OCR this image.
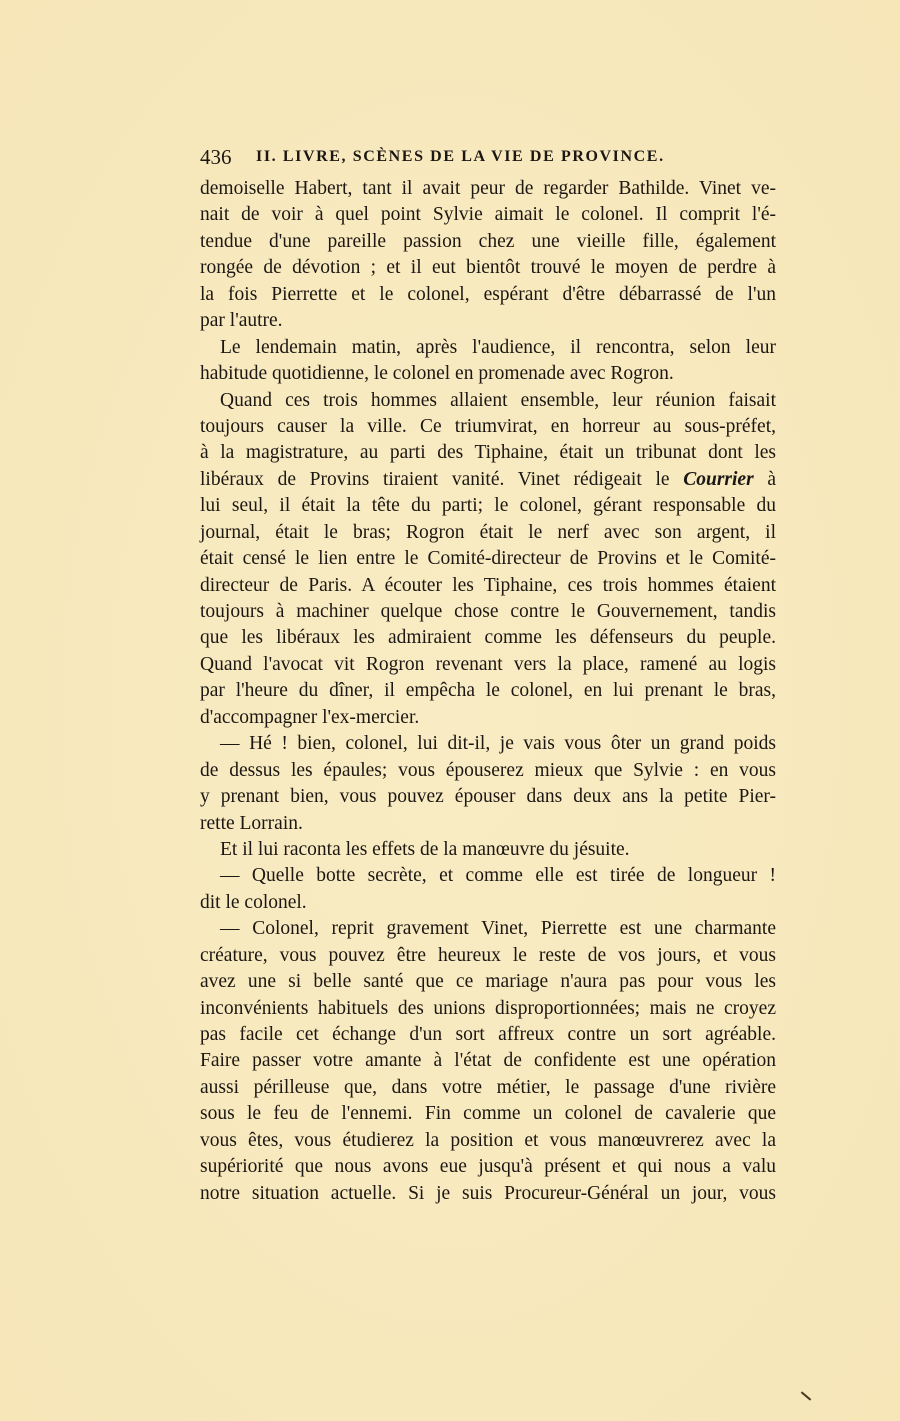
436 II. LIVRE, SCÈNES DE LA VIE DE PROVINCE.
demoiselle Habert, tant il avait peur de regarder Bathilde. Vinet ve-
nait de voir à quel point Sylvie aimait le colonel. Il comprit l'é-
tendue d'une pareille passion chez une vieille fille, également
rongée de dévotion ; et il eut bientôt trouvé le moyen de perdre à
la fois Pierrette et le colonel, espérant d'être débarrassé de l'un
par l'autre.
Le lendemain matin, après l'audience, il rencontra, selon leur
habitude quotidienne, le colonel en promenade avec Rogron.
Quand ces trois hommes allaient ensemble, leur réunion faisait
toujours causer la ville. Ce triumvirat, en horreur au sous-préfet,
à la magistrature, au parti des Tiphaine, était un tribunat dont les
libéraux de Provins tiraient vanité. Vinet rédigeait le Courrier à
lui seul, il était la tête du parti; le colonel, gérant responsable du
journal, était le bras; Rogron était le nerf avec son argent, il
était censé le lien entre le Comité-directeur de Provins et le Comité-
directeur de Paris. A écouter les Tiphaine, ces trois hommes étaient
toujours à machiner quelque chose contre le Gouvernement, tandis
que les libéraux les admiraient comme les défenseurs du peuple.
Quand l'avocat vit Rogron revenant vers la place, ramené au logis
par l'heure du dîner, il empêcha le colonel, en lui prenant le bras,
d'accompagner l'ex-mercier.
— Hé ! bien, colonel, lui dit-il, je vais vous ôter un grand poids
de dessus les épaules; vous épouserez mieux que Sylvie : en vous
y prenant bien, vous pouvez épouser dans deux ans la petite Pier-
rette Lorrain.
Et il lui raconta les effets de la manœuvre du jésuite.
— Quelle botte secrète, et comme elle est tirée de longueur !
dit le colonel.
— Colonel, reprit gravement Vinet, Pierrette est une charmante
créature, vous pouvez être heureux le reste de vos jours, et vous
avez une si belle santé que ce mariage n'aura pas pour vous les
inconvénients habituels des unions disproportionnées; mais ne croyez
pas facile cet échange d'un sort affreux contre un sort agréable.
Faire passer votre amante à l'état de confidente est une opération
aussi périlleuse que, dans votre métier, le passage d'une rivière
sous le feu de l'ennemi. Fin comme un colonel de cavalerie que
vous êtes, vous étudierez la position et vous manœuvrerez avec la
supériorité que nous avons eue jusqu'à présent et qui nous a valu
notre situation actuelle. Si je suis Procureur-Général un jour, vous
